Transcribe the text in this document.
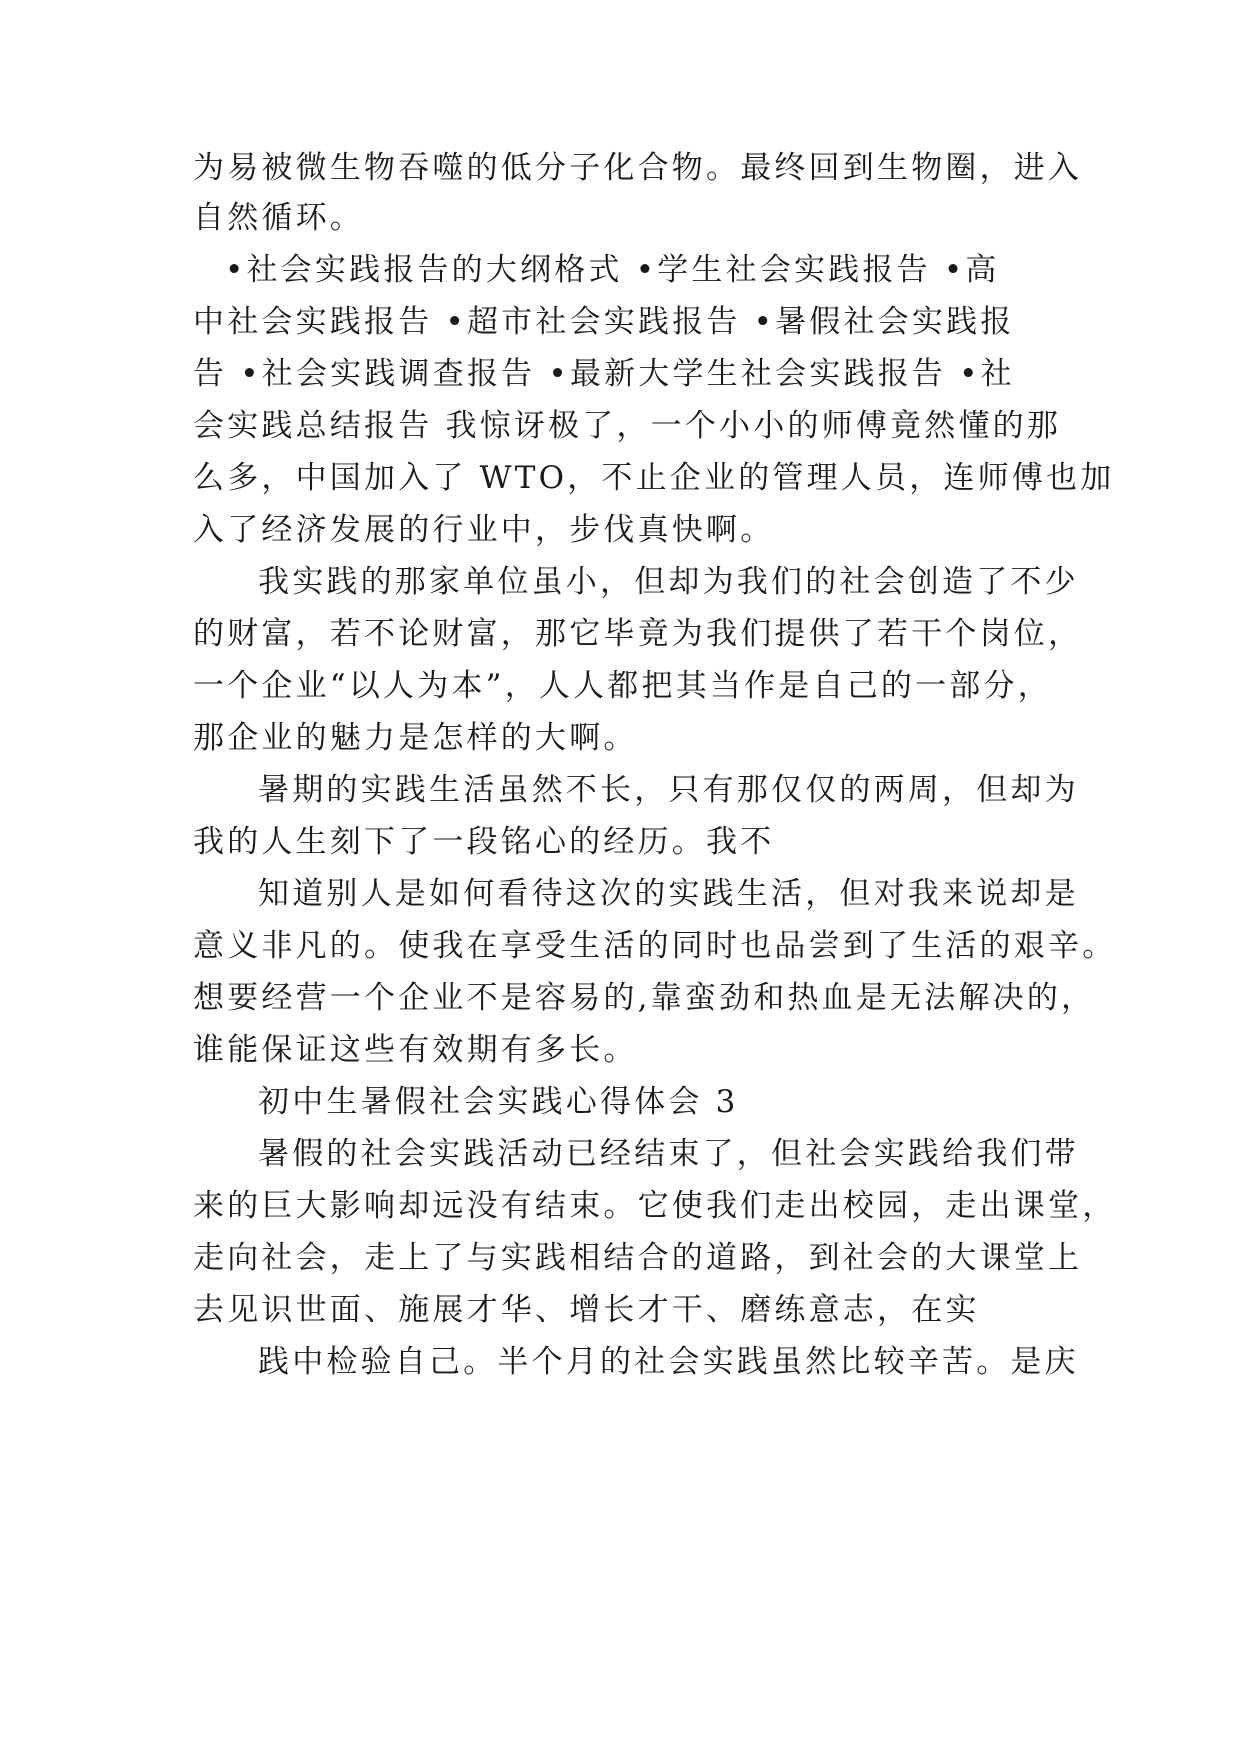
为易被微生物吞噬的低分子化合物。最终回到生物圈，进入
自然循环。
•社会实践报告的大纲格式 •学生社会实践报告 •高
中社会实践报告 •超市社会实践报告 •暑假社会实践报
告 •社会实践调查报告 •最新大学生社会实践报告 •社
会实践总结报告 我惊讶极了，一个小小的师傅竟然懂的那
么多，中国加入了 WTO，不止企业的管理人员，连师傅也加
入了经济发展的行业中，步伐真快啊。
我实践的那家单位虽小，但却为我们的社会创造了不少
的财富，若不论财富，那它毕竟为我们提供了若干个岗位，
一个企业“以人为本”，人人都把其当作是自己的一部分，
那企业的魅力是怎样的大啊。
暑期的实践生活虽然不长，只有那仅仅的两周，但却为
我的人生刻下了一段铭心的经历。我不
知道别人是如何看待这次的实践生活，但对我来说却是
意义非凡的。使我在享受生活的同时也品尝到了生活的艰辛。
想要经营一个企业不是容易的,靠蛮劲和热血是无法解决的，
谁能保证这些有效期有多长。
初中生暑假社会实践心得体会 3
暑假的社会实践活动已经结束了，但社会实践给我们带
来的巨大影响却远没有结束。它使我们走出校园，走出课堂，
走向社会，走上了与实践相结合的道路，到社会的大课堂上
去见识世面、施展才华、增长才干、磨练意志，在实
践中检验自己。半个月的社会实践虽然比较辛苦。是庆
